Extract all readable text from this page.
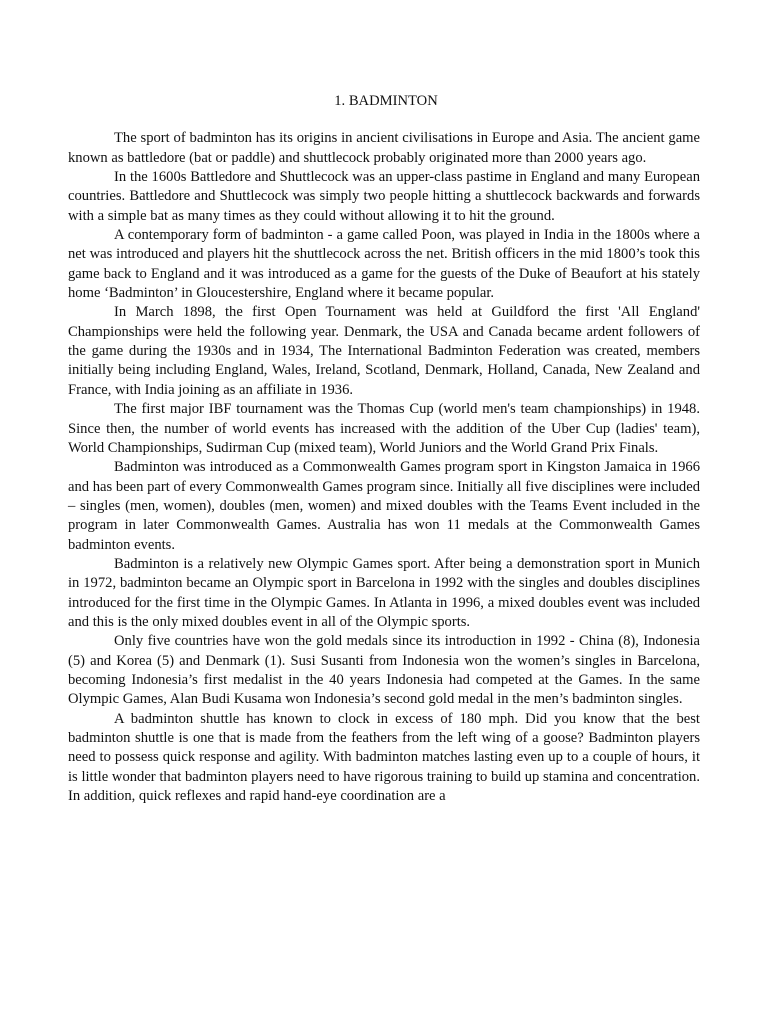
1. BADMINTON

The sport of badminton has its origins in ancient civilisations in Europe and Asia. The ancient game known as battledore (bat or paddle) and shuttlecock probably originated more than 2000 years ago.

In the 1600s Battledore and Shuttlecock was an upper-class pastime in England and many European countries. Battledore and Shuttlecock was simply two people hitting a shuttlecock backwards and forwards with a simple bat as many times as they could without allowing it to hit the ground.

A contemporary form of badminton - a game called Poon, was played in India in the 1800s where a net was introduced and players hit the shuttlecock across the net. British officers in the mid 1800’s took this game back to England and it was introduced as a game for the guests of the Duke of Beaufort at his stately home ‘Badminton’ in Gloucestershire, England where it became popular.

In March 1898, the first Open Tournament was held at Guildford the first 'All England' Championships were held the following year. Denmark, the USA and Canada became ardent followers of the game during the 1930s and in 1934, The International Badminton Federation was created, members initially being including England, Wales, Ireland, Scotland, Denmark, Holland, Canada, New Zealand and France, with India joining as an affiliate in 1936.

The first major IBF tournament was the Thomas Cup (world men's team championships) in 1948. Since then, the number of world events has increased with the addition of the Uber Cup (ladies' team), World Championships, Sudirman Cup (mixed team), World Juniors and the World Grand Prix Finals.

Badminton was introduced as a Commonwealth Games program sport in Kingston Jamaica in 1966 and has been part of every Commonwealth Games program since. Initially all five disciplines were included – singles (men, women), doubles (men, women) and mixed doubles with the Teams Event included in the program in later Commonwealth Games. Australia has won 11 medals at the Commonwealth Games badminton events.

Badminton is a relatively new Olympic Games sport. After being a demonstration sport in Munich in 1972, badminton became an Olympic sport in Barcelona in 1992 with the singles and doubles disciplines introduced for the first time in the Olympic Games. In Atlanta in 1996, a mixed doubles event was included and this is the only mixed doubles event in all of the Olympic sports.

Only five countries have won the gold medals since its introduction in 1992 - China (8), Indonesia (5) and Korea (5) and Denmark (1). Susi Susanti from Indonesia won the women’s singles in Barcelona, becoming Indonesia’s first medalist in the 40 years Indonesia had competed at the Games. In the same Olympic Games, Alan Budi Kusama won Indonesia’s second gold medal in the men’s badminton singles.

A badminton shuttle has known to clock in excess of 180 mph. Did you know that the best badminton shuttle is one that is made from the feathers from the left wing of a goose? Badminton players need to possess quick response and agility. With badminton matches lasting even up to a couple of hours, it is little wonder that badminton players need to have rigorous training to build up stamina and concentration. In addition, quick reflexes and rapid hand-eye coordination are a
